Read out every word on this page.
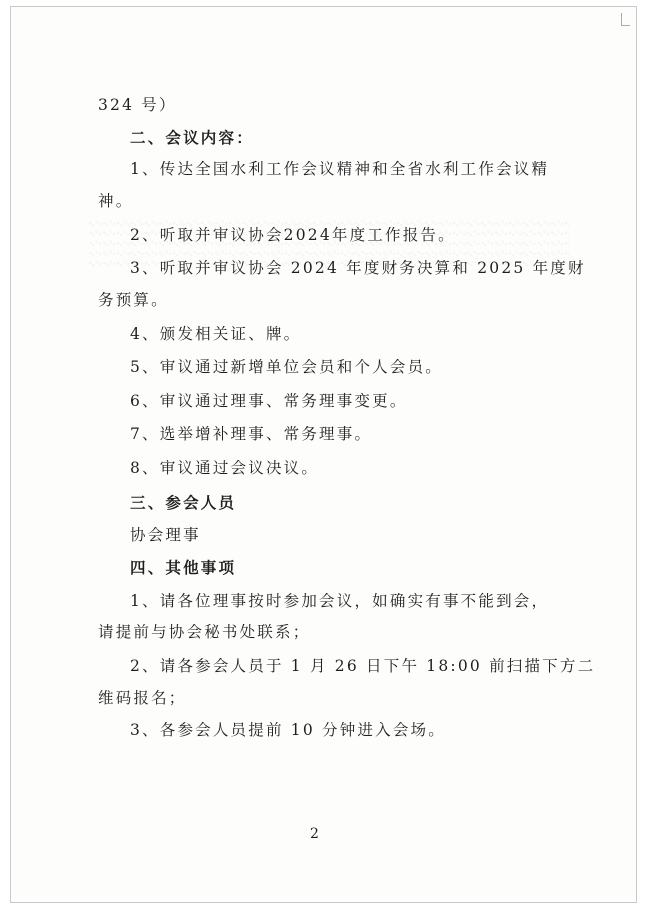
324 号）
二、会议内容：
1、传达全国水利工作会议精神和全省水利工作会议精
神。
2、听取并审议协会2024年度工作报告。
3、听取并审议协会 2024 年度财务决算和 2025 年度财
务预算。
4、颁发相关证、牌。
5、审议通过新增单位会员和个人会员。
6、审议通过理事、常务理事变更。
7、选举增补理事、常务理事。
8、审议通过会议决议。
三、参会人员
协会理事
四、其他事项
1、请各位理事按时参加会议，如确实有事不能到会，
请提前与协会秘书处联系；
2、请各参会人员于 1 月 26 日下午 18:00 前扫描下方二
维码报名；
3、各参会人员提前 10 分钟进入会场。
2
